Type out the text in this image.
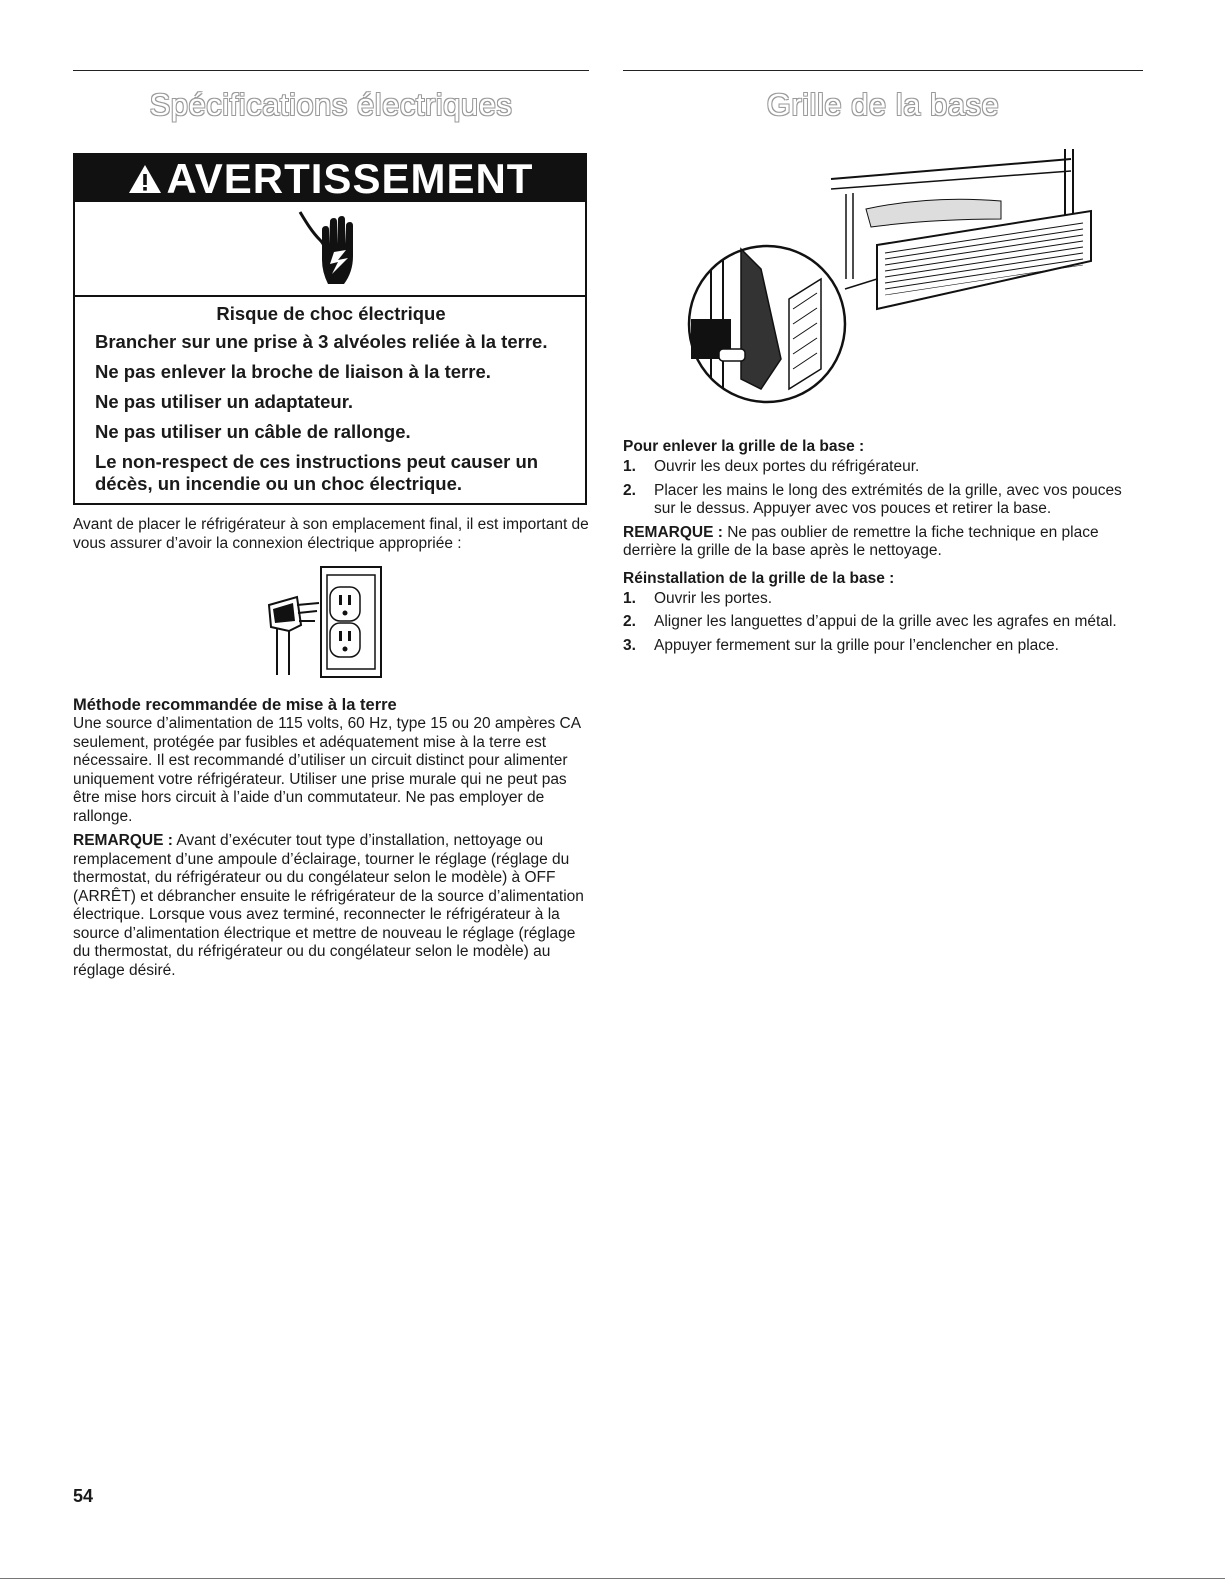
Spécifications électriques
AVERTISSEMENT
Risque de choc électrique

Brancher sur une prise à 3 alvéoles reliée à la terre.

Ne pas enlever la broche de liaison à la terre.

Ne pas utiliser un adaptateur.

Ne pas utiliser un câble de rallonge.

Le non-respect de ces instructions peut causer un décès, un incendie ou un choc électrique.

Avant de placer le réfrigérateur à son emplacement final, il est important de vous assurer d’avoir la connexion électrique appropriée :

Méthode recommandée de mise à la terre

Une source d’alimentation de 115 volts, 60 Hz, type 15 ou 20 ampères CA seulement, protégée par fusibles et adéquatement mise à la terre est nécessaire. Il est recommandé d’utiliser un circuit distinct pour alimenter uniquement votre réfrigérateur. Utiliser une prise murale qui ne peut pas être mise hors circuit à l’aide d’un commutateur. Ne pas employer de rallonge.

REMARQUE : Avant d’exécuter tout type d’installation, nettoyage ou remplacement d’une ampoule d’éclairage, tourner le réglage (réglage du thermostat, du réfrigérateur ou du congélateur selon le modèle) à OFF (ARRÊT) et débrancher ensuite le réfrigérateur de la source d’alimentation électrique. Lorsque vous avez terminé, reconnecter le réfrigérateur à la source d’alimentation électrique et mettre de nouveau le réglage (réglage du thermostat, du réfrigérateur ou du congélateur selon le modèle) au réglage désiré.

Grille de la base
Pour enlever la grille de la base :
1. Ouvrir les deux portes du réfrigérateur.
2. Placer les mains le long des extrémités de la grille, avec vos pouces sur le dessus. Appuyer avec vos pouces et retirer la base.

REMARQUE : Ne pas oublier de remettre la fiche technique en place derrière la grille de la base après le nettoyage.

Réinstallation de la grille de la base :
1. Ouvrir les portes.
2. Aligner les languettes d’appui de la grille avec les agrafes en métal.
3. Appuyer fermement sur la grille pour l’enclencher en place.
54
